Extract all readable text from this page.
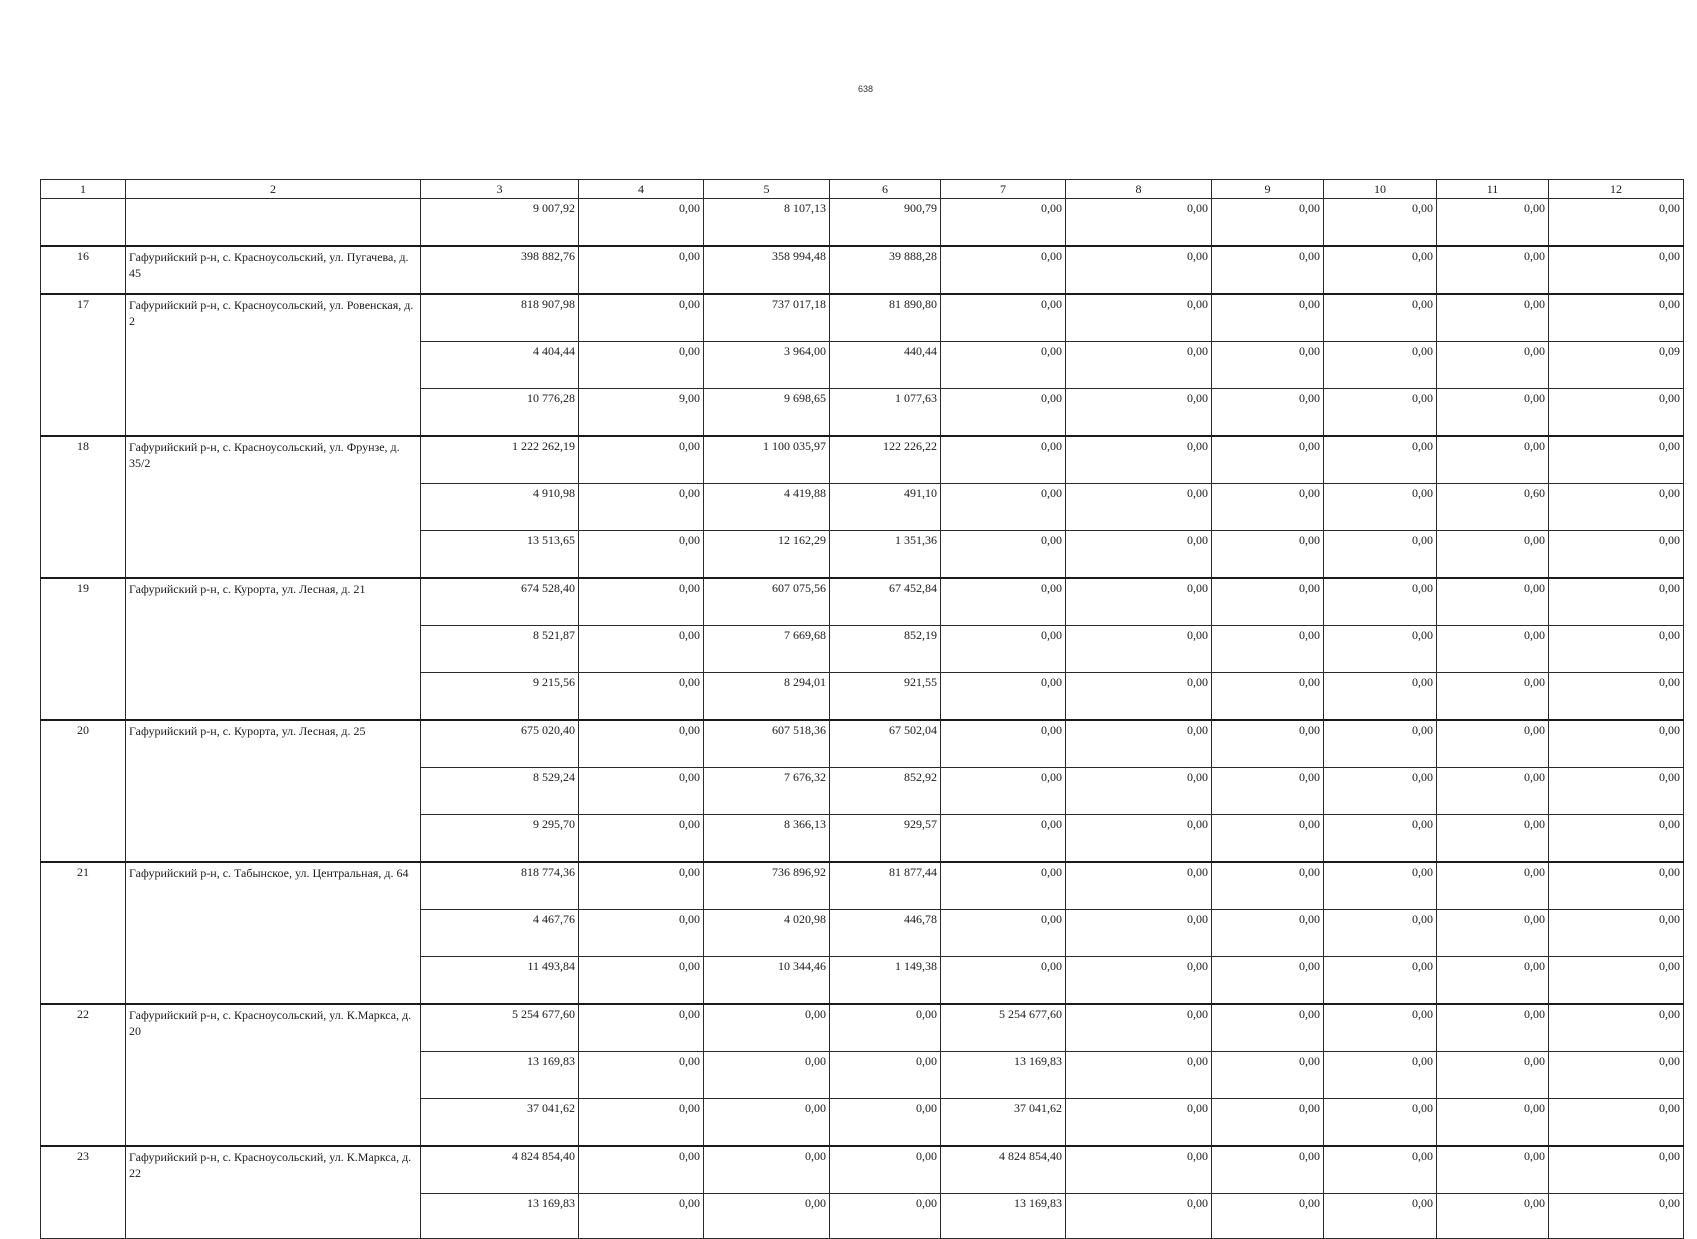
638
1	2	3	4	5	6	7	8	9	10	11	12
		9 007,92	0,00	8 107,13	900,79	0,00	0,00	0,00	0,00	0,00	0,00
16	Гафурийский р-н, с. Красноусольский, ул. Пугачева, д. 45	398 882,76	0,00	358 994,48	39 888,28	0,00	0,00	0,00	0,00	0,00	0,00
17	Гафурийский р-н, с. Красноусольский, ул. Ровенская, д. 2	818 907,98	0,00	737 017,18	81 890,80	0,00	0,00	0,00	0,00	0,00	0,00
		4 404,44	0,00	3 964,00	440,44	0,00	0,00	0,00	0,00	0,00	0,09
		10 776,28	9,00	9 698,65	1 077,63	0,00	0,00	0,00	0,00	0,00	0,00
18	Гафурийский р-н, с. Красноусольский, ул. Фрунзе, д. 35/2	1 222 262,19	0,00	1 100 035,97	122 226,22	0,00	0,00	0,00	0,00	0,00	0,00
		4 910,98	0,00	4 419,88	491,10	0,00	0,00	0,00	0,00	0,60	0,00
		13 513,65	0,00	12 162,29	1 351,36	0,00	0,00	0,00	0,00	0,00	0,00
19	Гафурийский р-н, с. Курорта, ул. Лесная, д. 21	674 528,40	0,00	607 075,56	67 452,84	0,00	0,00	0,00	0,00	0,00	0,00
		8 521,87	0,00	7 669,68	852,19	0,00	0,00	0,00	0,00	0,00	0,00
		9 215,56	0,00	8 294,01	921,55	0,00	0,00	0,00	0,00	0,00	0,00
20	Гафурийский р-н, с. Курорта, ул. Лесная, д. 25	675 020,40	0,00	607 518,36	67 502,04	0,00	0,00	0,00	0,00	0,00	0,00
		8 529,24	0,00	7 676,32	852,92	0,00	0,00	0,00	0,00	0,00	0,00
		9 295,70	0,00	8 366,13	929,57	0,00	0,00	0,00	0,00	0,00	0,00
21	Гафурийский р-н, с. Табынское, ул. Центральная, д. 64	818 774,36	0,00	736 896,92	81 877,44	0,00	0,00	0,00	0,00	0,00	0,00
		4 467,76	0,00	4 020,98	446,78	0,00	0,00	0,00	0,00	0,00	0,00
		11 493,84	0,00	10 344,46	1 149,38	0,00	0,00	0,00	0,00	0,00	0,00
22	Гафурийский р-н, с. Красноусольский, ул. К.Маркса, д. 20	5 254 677,60	0,00	0,00	0,00	5 254 677,60	0,00	0,00	0,00	0,00	0,00
		13 169,83	0,00	0,00	0,00	13 169,83	0,00	0,00	0,00	0,00	0,00
		37 041,62	0,00	0,00	0,00	37 041,62	0,00	0,00	0,00	0,00	0,00
23	Гафурийский р-н, с. Красноусольский, ул. К.Маркса, д. 22	4 824 854,40	0,00	0,00	0,00	4 824 854,40	0,00	0,00	0,00	0,00	0,00
		13 169,83	0,00	0,00	0,00	13 169,83	0,00	0,00	0,00	0,00	0,00
